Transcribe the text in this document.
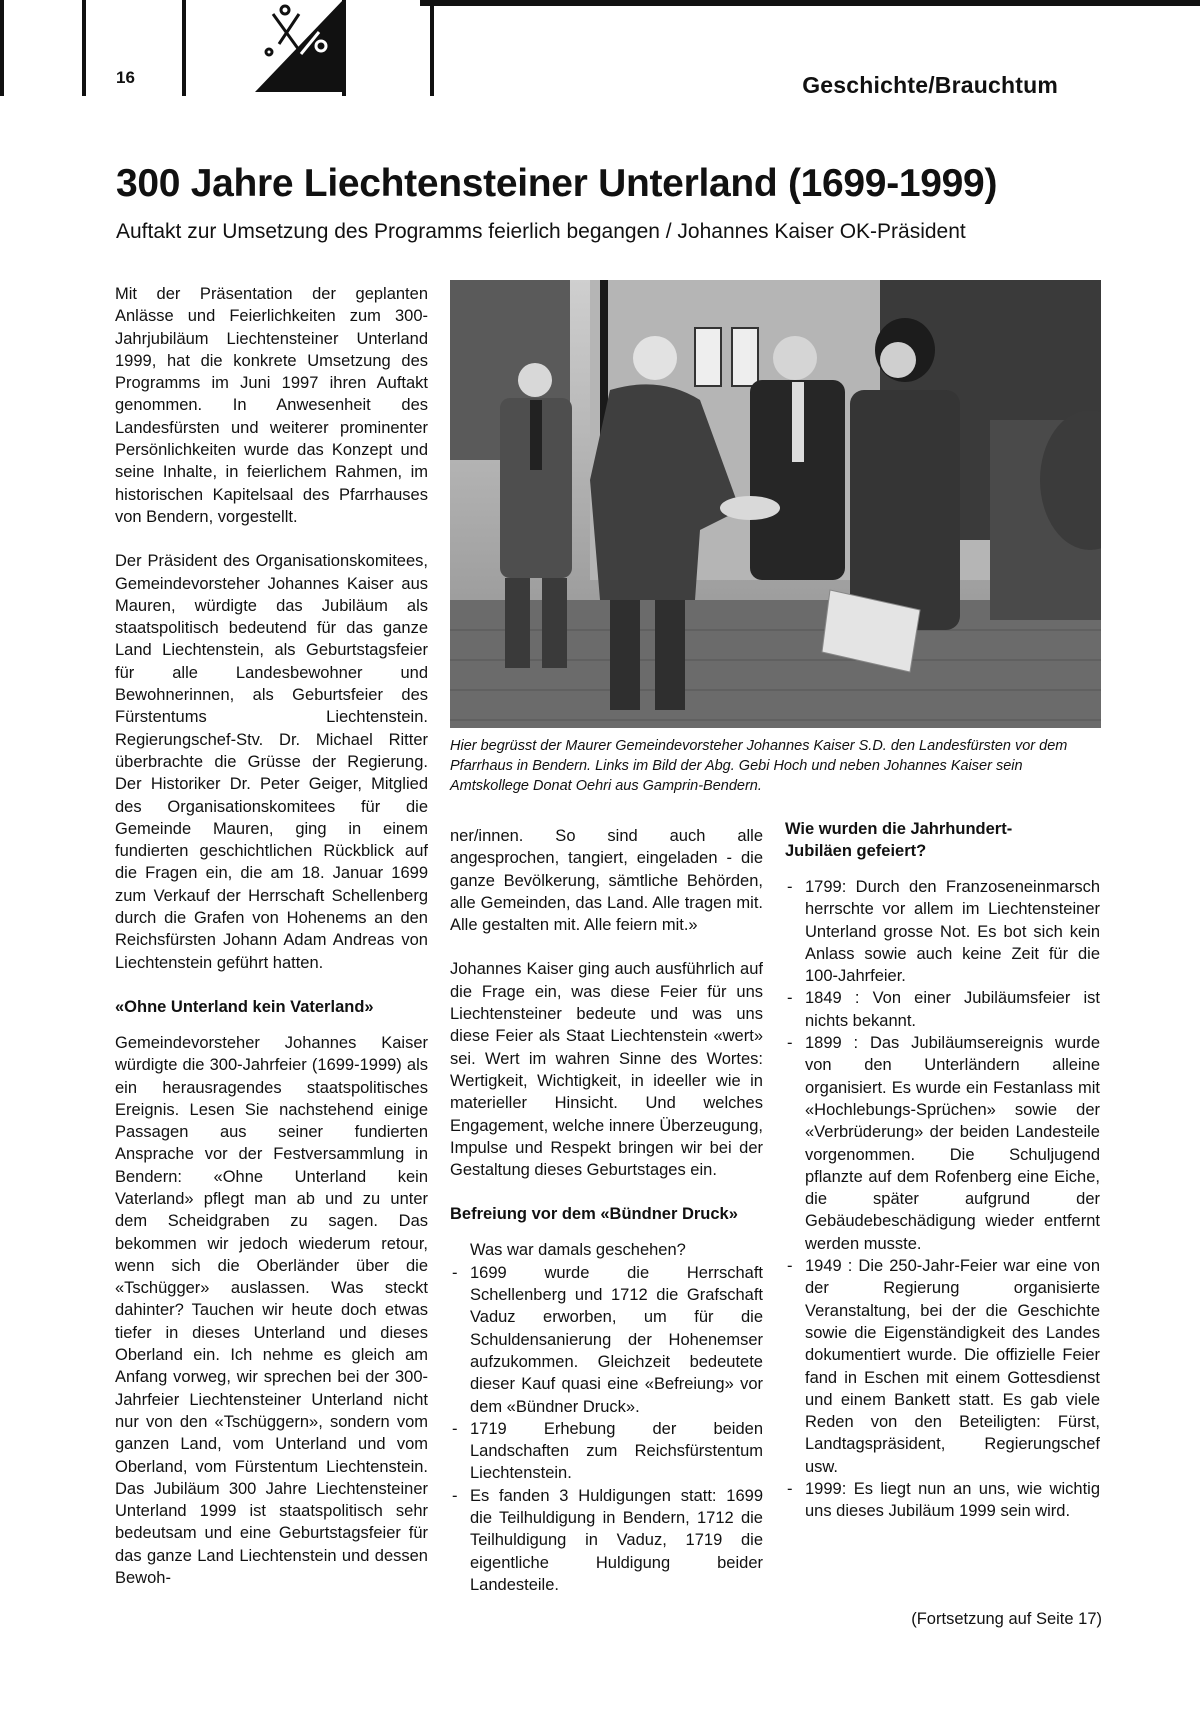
16	Geschichte/Brauchtum
300 Jahre Liechtensteiner Unterland (1699-1999)
Auftakt zur Umsetzung des Programms feierlich begangen / Johannes Kaiser OK-Präsident

Mit der Präsentation der geplanten Anlässe und Feierlichkeiten zum 300-Jahrjubiläum Liechtensteiner Unterland 1999, hat die konkrete Umsetzung des Programms im Juni 1997 ihren Auftakt genommen. In Anwesenheit des Landesfürsten und weiterer prominenter Persönlichkeiten wurde das Konzept und seine Inhalte, in feierlichem Rahmen, im historischen Kapitelsaal des Pfarrhauses von Bendern, vorgestellt.

Der Präsident des Organisationskomitees, Gemeindevorsteher Johannes Kaiser aus Mauren, würdigte das Jubiläum als staatspolitisch bedeutend für das ganze Land Liechtenstein, als Geburtstagsfeier für alle Landesbewohner und Bewohnerinnen, als Geburtsfeier des Fürstentums Liechtenstein. Regierungschef-Stv. Dr. Michael Ritter überbrachte die Grüsse der Regierung. Der Historiker Dr. Peter Geiger, Mitglied des Organisationskomitees für die Gemeinde Mauren, ging in einem fundierten geschichtlichen Rückblick auf die Fragen ein, die am 18. Januar 1699 zum Verkauf der Herrschaft Schellenberg durch die Grafen von Hohenems an den Reichsfürsten Johann Adam Andreas von Liechtenstein geführt hatten.

«Ohne Unterland kein Vaterland»

Gemeindevorsteher Johannes Kaiser würdigte die 300-Jahrfeier (1699-1999) als ein herausragendes staatspolitisches Ereignis. Lesen Sie nachstehend einige Passagen aus seiner fundierten Ansprache vor der Festversammlung in Bendern: «Ohne Unterland kein Vaterland» pflegt man ab und zu unter dem Scheidgraben zu sagen. Das bekommen wir jedoch wiederum retour, wenn sich die Oberländer über die «Tschügger» auslassen. Was steckt dahinter? Tauchen wir heute doch etwas tiefer in dieses Unterland und dieses Oberland ein. Ich nehme es gleich am Anfang vorweg, wir sprechen bei der 300-Jahrfeier Liechtensteiner Unterland nicht nur von den «Tschüggern», sondern vom ganzen Land, vom Unterland und vom Oberland, vom Fürstentum Liechtenstein. Das Jubiläum 300 Jahre Liechtensteiner Unterland 1999 ist staatspolitisch sehr bedeutsam und eine Geburtstagsfeier für das ganze Land Liechtenstein und dessen Bewoh-

Hier begrüsst der Maurer Gemeindevorsteher Johannes Kaiser S.D. den Landesfürsten vor dem Pfarrhaus in Bendern. Links im Bild der Abg. Gebi Hoch und neben Johannes Kaiser sein Amtskollege Donat Oehri aus Gamprin-Bendern.

ner/innen. So sind auch alle angesprochen, tangiert, eingeladen - die ganze Bevölkerung, sämtliche Behörden, alle Gemeinden, das Land. Alle tragen mit. Alle gestalten mit. Alle feiern mit.»

Johannes Kaiser ging auch ausführlich auf die Frage ein, was diese Feier für uns Liechtensteiner bedeute und was uns diese Feier als Staat Liechtenstein «wert» sei. Wert im wahren Sinne des Wortes: Wertigkeit, Wichtigkeit, in ideeller wie in materieller Hinsicht. Und welches Engagement, welche innere Überzeugung, Impulse und Respekt bringen wir bei der Gestaltung dieses Geburtstages ein.

Befreiung vor dem «Bündner Druck»
Was war damals geschehen?
- 1699 wurde die Herrschaft Schellenberg und 1712 die Grafschaft Vaduz erworben, um für die Schuldensanierung der Hohenemser aufzukommen. Gleichzeit bedeutete dieser Kauf quasi eine «Befreiung» vor dem «Bündner Druck».
- 1719 Erhebung der beiden Landschaften zum Reichsfürstentum Liechtenstein.
- Es fanden 3 Huldigungen statt: 1699 die Teilhuldigung in Bendern, 1712 die Teilhuldigung in Vaduz, 1719 die eigentliche Huldigung beider Landesteile.
Wie wurden die Jahrhundert-Jubiläen gefeiert?
- 1799: Durch den Franzoseneinmarsch herrschte vor allem im Liechtensteiner Unterland grosse Not. Es bot sich kein Anlass sowie auch keine Zeit für die 100-Jahrfeier.
- 1849 : Von einer Jubiläumsfeier ist nichts bekannt.
- 1899 : Das Jubiläumsereignis wurde von den Unterländern alleine organisiert. Es wurde ein Festanlass mit «Hochlebungs-Sprüchen» sowie der «Verbrüderung» der beiden Landesteile vorgenommen. Die Schuljugend pflanzte auf dem Rofenberg eine Eiche, die später aufgrund der Gebäudebeschädigung wieder entfernt werden musste.
- 1949 : Die 250-Jahr-Feier war eine von der Regierung organisierte Veranstaltung, bei der die Geschichte sowie die Eigenständigkeit des Landes dokumentiert wurde. Die offizielle Feier fand in Eschen mit einem Gottesdienst und einem Bankett statt. Es gab viele Reden von den Beteiligten: Fürst, Landtagspräsident, Regierungschef usw.
- 1999: Es liegt nun an uns, wie wichtig uns dieses Jubiläum 1999 sein wird.
(Fortsetzung auf Seite 17)
